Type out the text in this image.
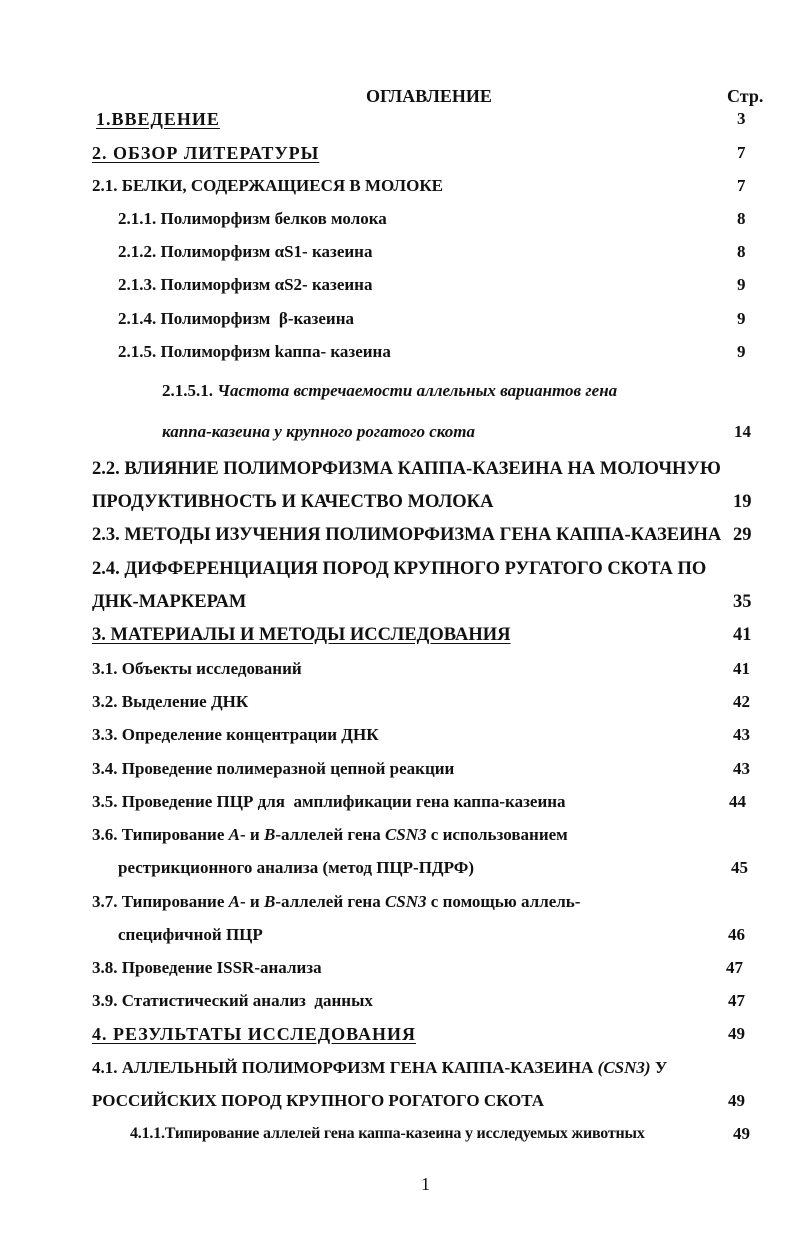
ОГЛАВЛЕНИЕ	Стр.
1.ВВЕДЕНИЕ	3
2. ОБЗОР ЛИТЕРАТУРЫ	7
2.1. БЕЛКИ, СОДЕРЖАЩИЕСЯ В МОЛОКЕ	7
2.1.1. Полиморфизм белков молока	8
2.1.2. Полиморфизм αS1- казеина	8
2.1.3. Полиморфизм αS2- казеина	9
2.1.4. Полиморфизм  β-казеина	9
2.1.5. Полиморфизм kаппа- казеина	9
2.1.5.1. Частота встречаемости аллельных вариантов гена
каппа-казеина у крупного рогатого скота	14
2.2. ВЛИЯНИЕ ПОЛИМОРФИЗМА КАППА-КАЗЕИНА НА МОЛОЧНУЮ
ПРОДУКТИВНОСТЬ И КАЧЕСТВО МОЛОКА	19
2.3. МЕТОДЫ ИЗУЧЕНИЯ ПОЛИМОРФИЗМА ГЕНА КАППА-КАЗЕИНА 29
2.4. ДИФФЕРЕНЦИАЦИЯ ПОРОД КРУПНОГО РУГАТОГО СКОТА ПО
ДНК-МАРКЕРАМ	35
3. МАТЕРИАЛЫ И МЕТОДЫ ИССЛЕДОВАНИЯ	41
3.1. Объекты исследований	41
3.2. Выделение ДНК	42
3.3. Определение концентрации ДНК	43
3.4. Проведение полимеразной цепной реакции	43
3.5. Проведение ПЦР для  амплификации гена каппа-казеина	44
3.6. Типирование А- и В-аллелей гена CSN3 с использованием
рестрикционного анализа (метод ПЦР-ПДРФ)	45
3.7. Типирование А- и В-аллелей гена CSN3 с помощью аллель-
специфичной ПЦР	46
3.8. Проведение ISSR-анализа	47
3.9. Статистический анализ  данных	47
4. РЕЗУЛЬТАТЫ ИССЛЕДОВАНИЯ	49
4.1. АЛЛЕЛЬНЫЙ ПОЛИМОРФИЗМ ГЕНА КАППА-КАЗЕИНА (CSN3) У
РОССИЙСКИХ ПОРОД КРУПНОГО РОГАТОГО СКОТА	49
4.1.1.Типирование аллелей гена каппа-казеина у исследуемых животных	49
1
